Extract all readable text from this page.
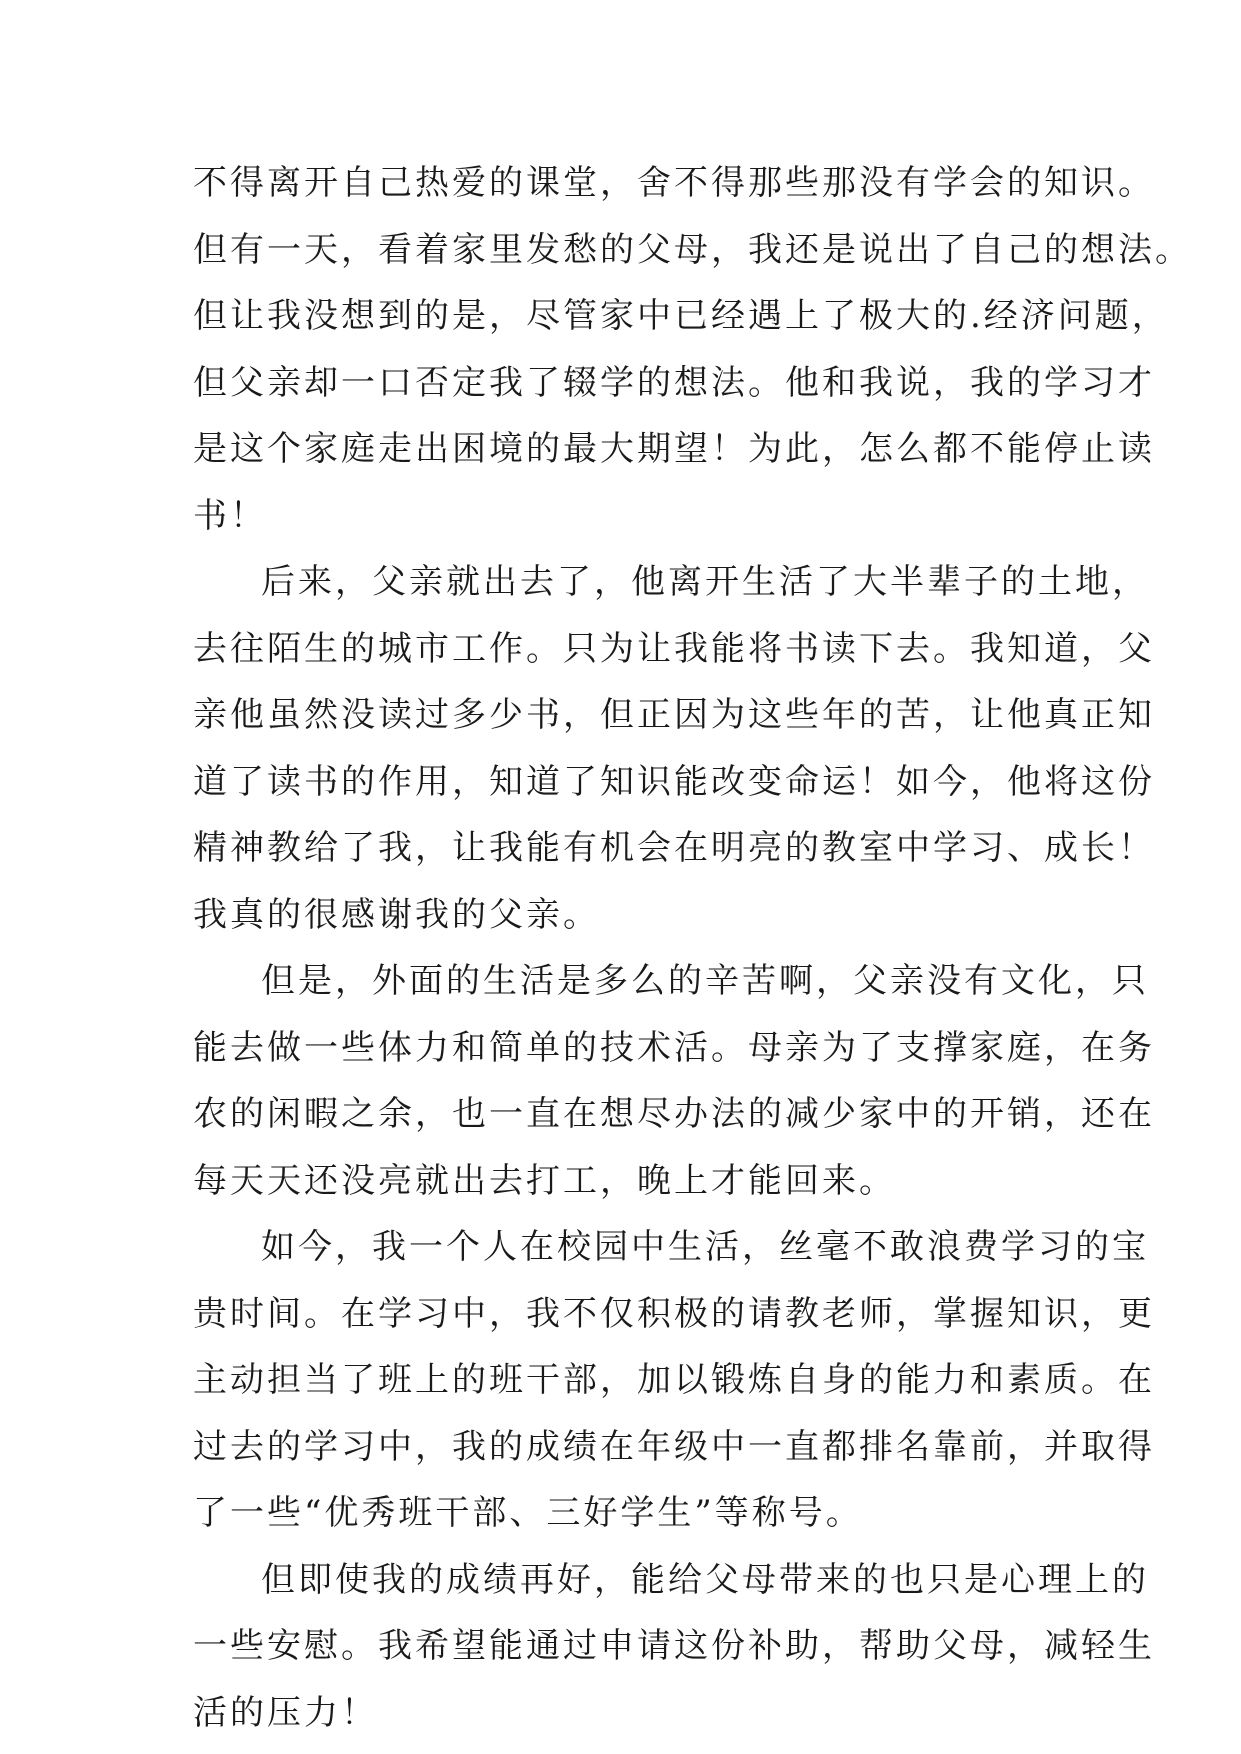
不得离开自己热爱的课堂，舍不得那些那没有学会的知识。
但有一天，看着家里发愁的父母，我还是说出了自己的想法。
但让我没想到的是，尽管家中已经遇上了极大的.经济问题，
但父亲却一口否定我了辍学的想法。他和我说，我的学习才
是这个家庭走出困境的最大期望！为此，怎么都不能停止读
书！
后来，父亲就出去了，他离开生活了大半辈子的土地，
去往陌生的城市工作。只为让我能将书读下去。我知道，父
亲他虽然没读过多少书，但正因为这些年的苦，让他真正知
道了读书的作用，知道了知识能改变命运！如今，他将这份
精神教给了我，让我能有机会在明亮的教室中学习、成长！
我真的很感谢我的父亲。
但是，外面的生活是多么的辛苦啊，父亲没有文化，只
能去做一些体力和简单的技术活。母亲为了支撑家庭，在务
农的闲暇之余，也一直在想尽办法的减少家中的开销，还在
每天天还没亮就出去打工，晚上才能回来。
如今，我一个人在校园中生活，丝毫不敢浪费学习的宝
贵时间。在学习中，我不仅积极的请教老师，掌握知识，更
主动担当了班上的班干部，加以锻炼自身的能力和素质。在
过去的学习中，我的成绩在年级中一直都排名靠前，并取得
了一些“优秀班干部、三好学生”等称号。
但即使我的成绩再好，能给父母带来的也只是心理上的
一些安慰。我希望能通过申请这份补助，帮助父母，减轻生
活的压力！
